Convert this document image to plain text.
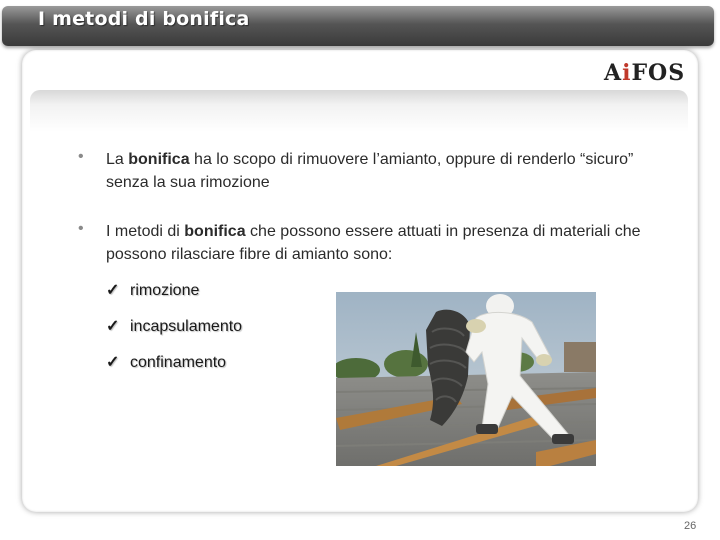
I metodi di bonifica
AiFOS
• La bonifica ha lo scopo di rimuovere l’amianto, oppure di renderlo “sicuro” senza la sua rimozione
• I metodi di bonifica che possono essere attuati in presenza di materiali che possono rilasciare fibre di amianto sono:
✓ rimozione
✓ incapsulamento
✓ confinamento
26
